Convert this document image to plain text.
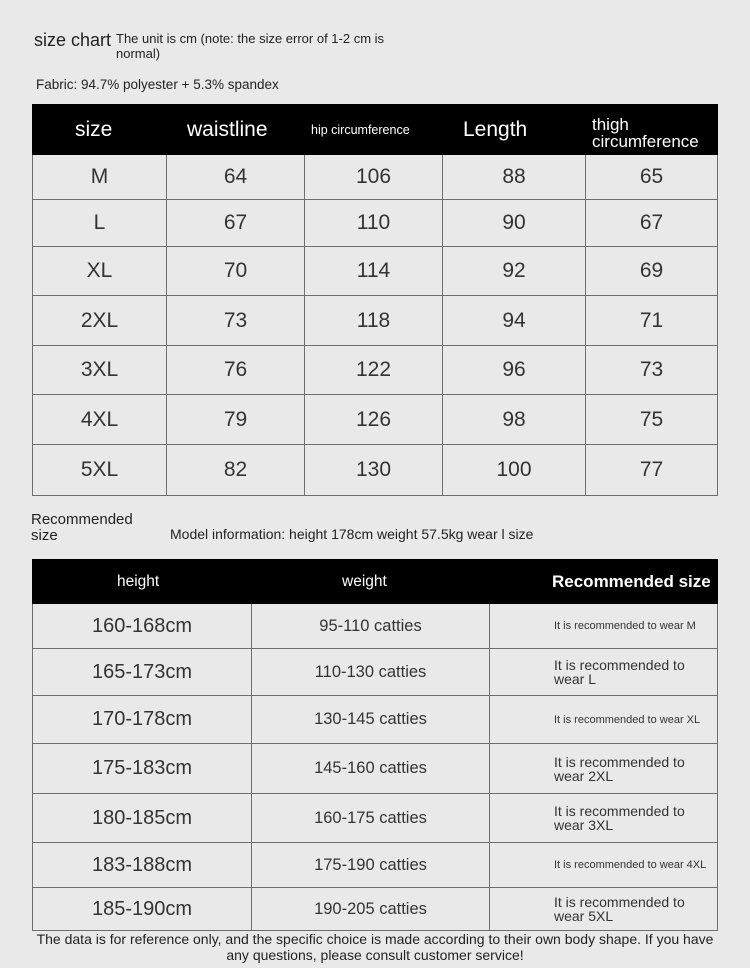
size chart The unit is cm (note: the size error of 1-2 cm is normal)
Fabric: 94.7% polyester + 5.3% spandex
size	waistline	hip circumference	Length	thigh circumference
M	64	106	88	65
L	67	110	90	67
XL	70	114	92	69
2XL	73	118	94	71
3XL	76	122	96	73
4XL	79	126	98	75
5XL	82	130	100	77
Recommended size	Model information: height 178cm weight 57.5kg wear l size
height	weight	Recommended size
160-168cm	95-110 catties	It is recommended to wear M
165-173cm	110-130 catties	It is recommended to wear L
170-178cm	130-145 catties	It is recommended to wear XL
175-183cm	145-160 catties	It is recommended to wear 2XL
180-185cm	160-175 catties	It is recommended to wear 3XL
183-188cm	175-190 catties	It is recommended to wear 4XL
185-190cm	190-205 catties	It is recommended to wear 5XL
The data is for reference only, and the specific choice is made according to their own body shape. If you have any questions, please consult customer service!
